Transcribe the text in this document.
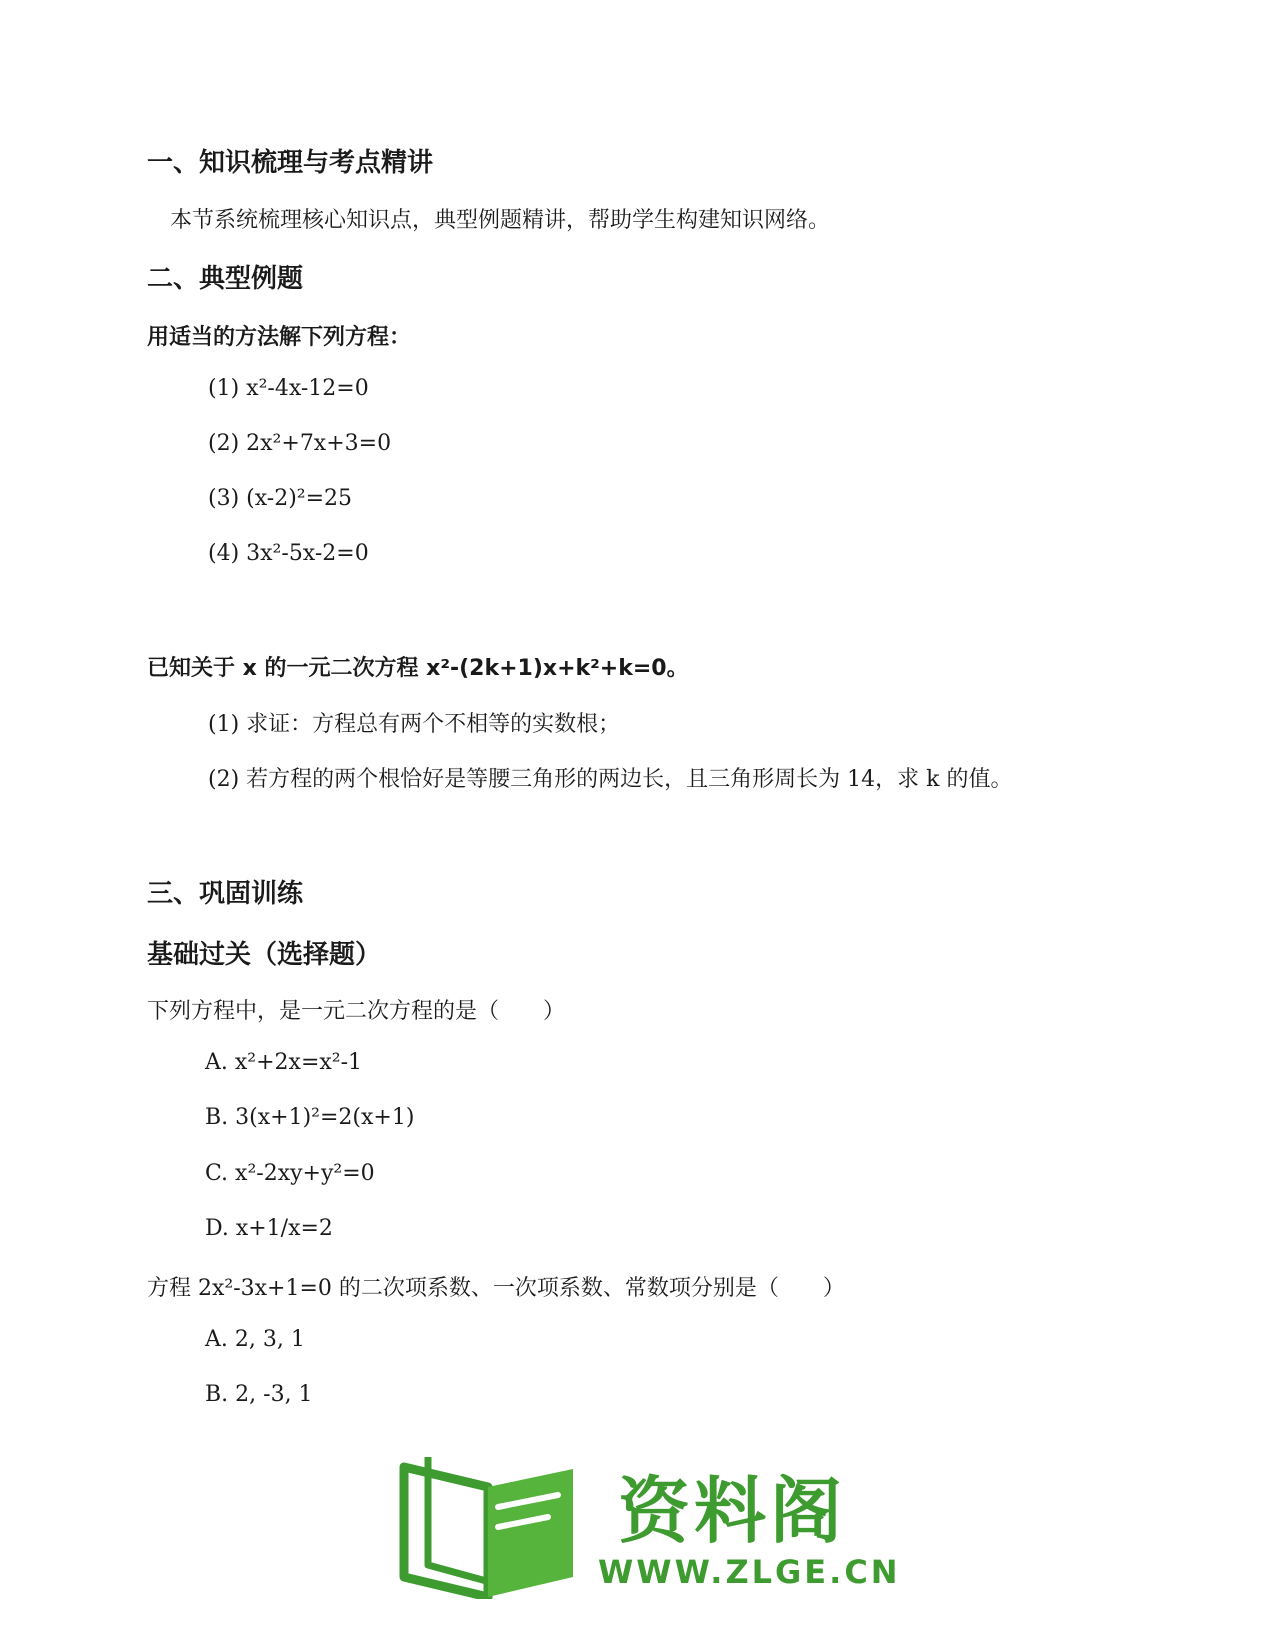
一、知识梳理与考点精讲

本节系统梳理核心知识点，典型例题精讲，帮助学生构建知识网络。

二、典型例题

用适当的方法解下列方程：

(1) x²-4x-12=0

(2) 2x²+7x+3=0

(3) (x-2)²=25

(4) 3x²-5x-2=0

已知关于 x 的一元二次方程 x²-(2k+1)x+k²+k=0。

(1) 求证：方程总有两个不相等的实数根；

(2) 若方程的两个根恰好是等腰三角形的两边长，且三角形周长为 14，求 k 的值。

三、巩固训练
基础过关（选择题）

下列方程中，是一元二次方程的是（　　）

A. x²+2x=x²-1

B. 3(x+1)²=2(x+1)

C. x²-2xy+y²=0

D. x+1/x=2

方程 2x²-3x+1=0 的二次项系数、一次项系数、常数项分别是（　　）

A. 2, 3, 1

B. 2, -3, 1

资料阁
WWW.ZLGE.CN
